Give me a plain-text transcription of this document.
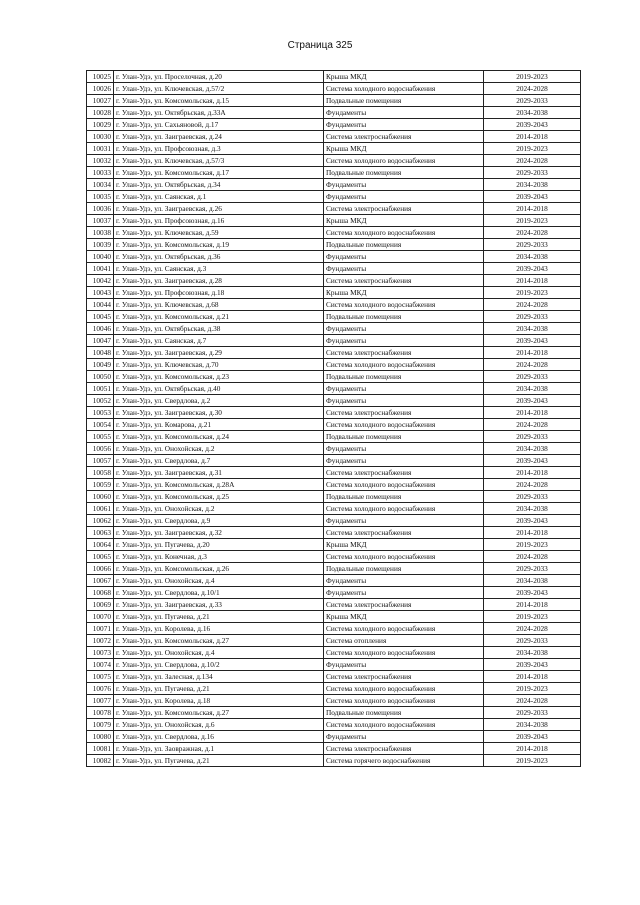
Страница 325
10025	г. Улан-Удэ, ул. Проселочная, д.20	Крыша МКД	2019-2023
10026	г. Улан-Удэ, ул. Ключевская, д.57/2	Система холодного водоснабжения	2024-2028
10027	г. Улан-Удэ, ул. Комсомольская, д.15	Подвальные помещения	2029-2033
10028	г. Улан-Удэ, ул. Октябрьская, д.33А	Фундаменты	2034-2038
10029	г. Улан-Удэ, ул. Сахьяновой, д.17	Фундаменты	2039-2043
10030	г. Улан-Удэ, ул. Заиграевская, д.24	Система электроснабжения	2014-2018
10031	г. Улан-Удэ, ул. Профсоюзная, д.3	Крыша МКД	2019-2023
10032	г. Улан-Удэ, ул. Ключевская, д.57/3	Система холодного водоснабжения	2024-2028
10033	г. Улан-Удэ, ул. Комсомольская, д.17	Подвальные помещения	2029-2033
10034	г. Улан-Удэ, ул. Октябрьская, д.34	Фундаменты	2034-2038
10035	г. Улан-Удэ, ул. Саянская, д.1	Фундаменты	2039-2043
10036	г. Улан-Удэ, ул. Заиграевская, д.26	Система электроснабжения	2014-2018
10037	г. Улан-Удэ, ул. Профсоюзная, д.16	Крыша МКД	2019-2023
10038	г. Улан-Удэ, ул. Ключевская, д.59	Система холодного водоснабжения	2024-2028
10039	г. Улан-Удэ, ул. Комсомольская, д.19	Подвальные помещения	2029-2033
10040	г. Улан-Удэ, ул. Октябрьская, д.36	Фундаменты	2034-2038
10041	г. Улан-Удэ, ул. Саянская, д.3	Фундаменты	2039-2043
10042	г. Улан-Удэ, ул. Заиграевская, д.28	Система электроснабжения	2014-2018
10043	г. Улан-Удэ, ул. Профсоюзная, д.18	Крыша МКД	2019-2023
10044	г. Улан-Удэ, ул. Ключевская, д.68	Система холодного водоснабжения	2024-2028
10045	г. Улан-Удэ, ул. Комсомольская, д.21	Подвальные помещения	2029-2033
10046	г. Улан-Удэ, ул. Октябрьская, д.38	Фундаменты	2034-2038
10047	г. Улан-Удэ, ул. Саянская, д.7	Фундаменты	2039-2043
10048	г. Улан-Удэ, ул. Заиграевская, д.29	Система электроснабжения	2014-2018
10049	г. Улан-Удэ, ул. Ключевская, д.70	Система холодного водоснабжения	2024-2028
10050	г. Улан-Удэ, ул. Комсомольская, д.23	Подвальные помещения	2029-2033
10051	г. Улан-Удэ, ул. Октябрьская, д.40	Фундаменты	2034-2038
10052	г. Улан-Удэ, ул. Свердлова, д.2	Фундаменты	2039-2043
10053	г. Улан-Удэ, ул. Заиграевская, д.30	Система электроснабжения	2014-2018
10054	г. Улан-Удэ, ул. Комарова, д.21	Система холодного водоснабжения	2024-2028
10055	г. Улан-Удэ, ул. Комсомольская, д.24	Подвальные помещения	2029-2033
10056	г. Улан-Удэ, ул. Онохойская, д.2	Фундаменты	2034-2038
10057	г. Улан-Удэ, ул. Свердлова, д.7	Фундаменты	2039-2043
10058	г. Улан-Удэ, ул. Заиграевская, д.31	Система электроснабжения	2014-2018
10059	г. Улан-Удэ, ул. Комсомольская, д.28А	Система холодного водоснабжения	2024-2028
10060	г. Улан-Удэ, ул. Комсомольская, д.25	Подвальные помещения	2029-2033
10061	г. Улан-Удэ, ул. Онохойская, д.2	Система холодного водоснабжения	2034-2038
10062	г. Улан-Удэ, ул. Свердлова, д.9	Фундаменты	2039-2043
10063	г. Улан-Удэ, ул. Заиграевская, д.32	Система электроснабжения	2014-2018
10064	г. Улан-Удэ, ул. Пугачева, д.20	Крыша МКД	2019-2023
10065	г. Улан-Удэ, ул. Конечная, д.3	Система холодного водоснабжения	2024-2028
10066	г. Улан-Удэ, ул. Комсомольская, д.26	Подвальные помещения	2029-2033
10067	г. Улан-Удэ, ул. Онохойская, д.4	Фундаменты	2034-2038
10068	г. Улан-Удэ, ул. Свердлова, д.10/1	Фундаменты	2039-2043
10069	г. Улан-Удэ, ул. Заиграевская, д.33	Система электроснабжения	2014-2018
10070	г. Улан-Удэ, ул. Пугачева, д.21	Крыша МКД	2019-2023
10071	г. Улан-Удэ, ул. Королева, д.16	Система холодного водоснабжения	2024-2028
10072	г. Улан-Удэ, ул. Комсомольская, д.27	Система отопления	2029-2033
10073	г. Улан-Удэ, ул. Онохойская, д.4	Система холодного водоснабжения	2034-2038
10074	г. Улан-Удэ, ул. Свердлова, д.10/2	Фундаменты	2039-2043
10075	г. Улан-Удэ, ул. Залесная, д.134	Система электроснабжения	2014-2018
10076	г. Улан-Удэ, ул. Пугачева, д.21	Система холодного водоснабжения	2019-2023
10077	г. Улан-Удэ, ул. Королева, д.18	Система холодного водоснабжения	2024-2028
10078	г. Улан-Удэ, ул. Комсомольская, д.27	Подвальные помещения	2029-2033
10079	г. Улан-Удэ, ул. Онохойская, д.6	Система холодного водоснабжения	2034-2038
10080	г. Улан-Удэ, ул. Свердлова, д.16	Фундаменты	2039-2043
10081	г. Улан-Удэ, ул. Заовражная, д.1	Система электроснабжения	2014-2018
10082	г. Улан-Удэ, ул. Пугачева, д.21	Система горячего водоснабжения	2019-2023
